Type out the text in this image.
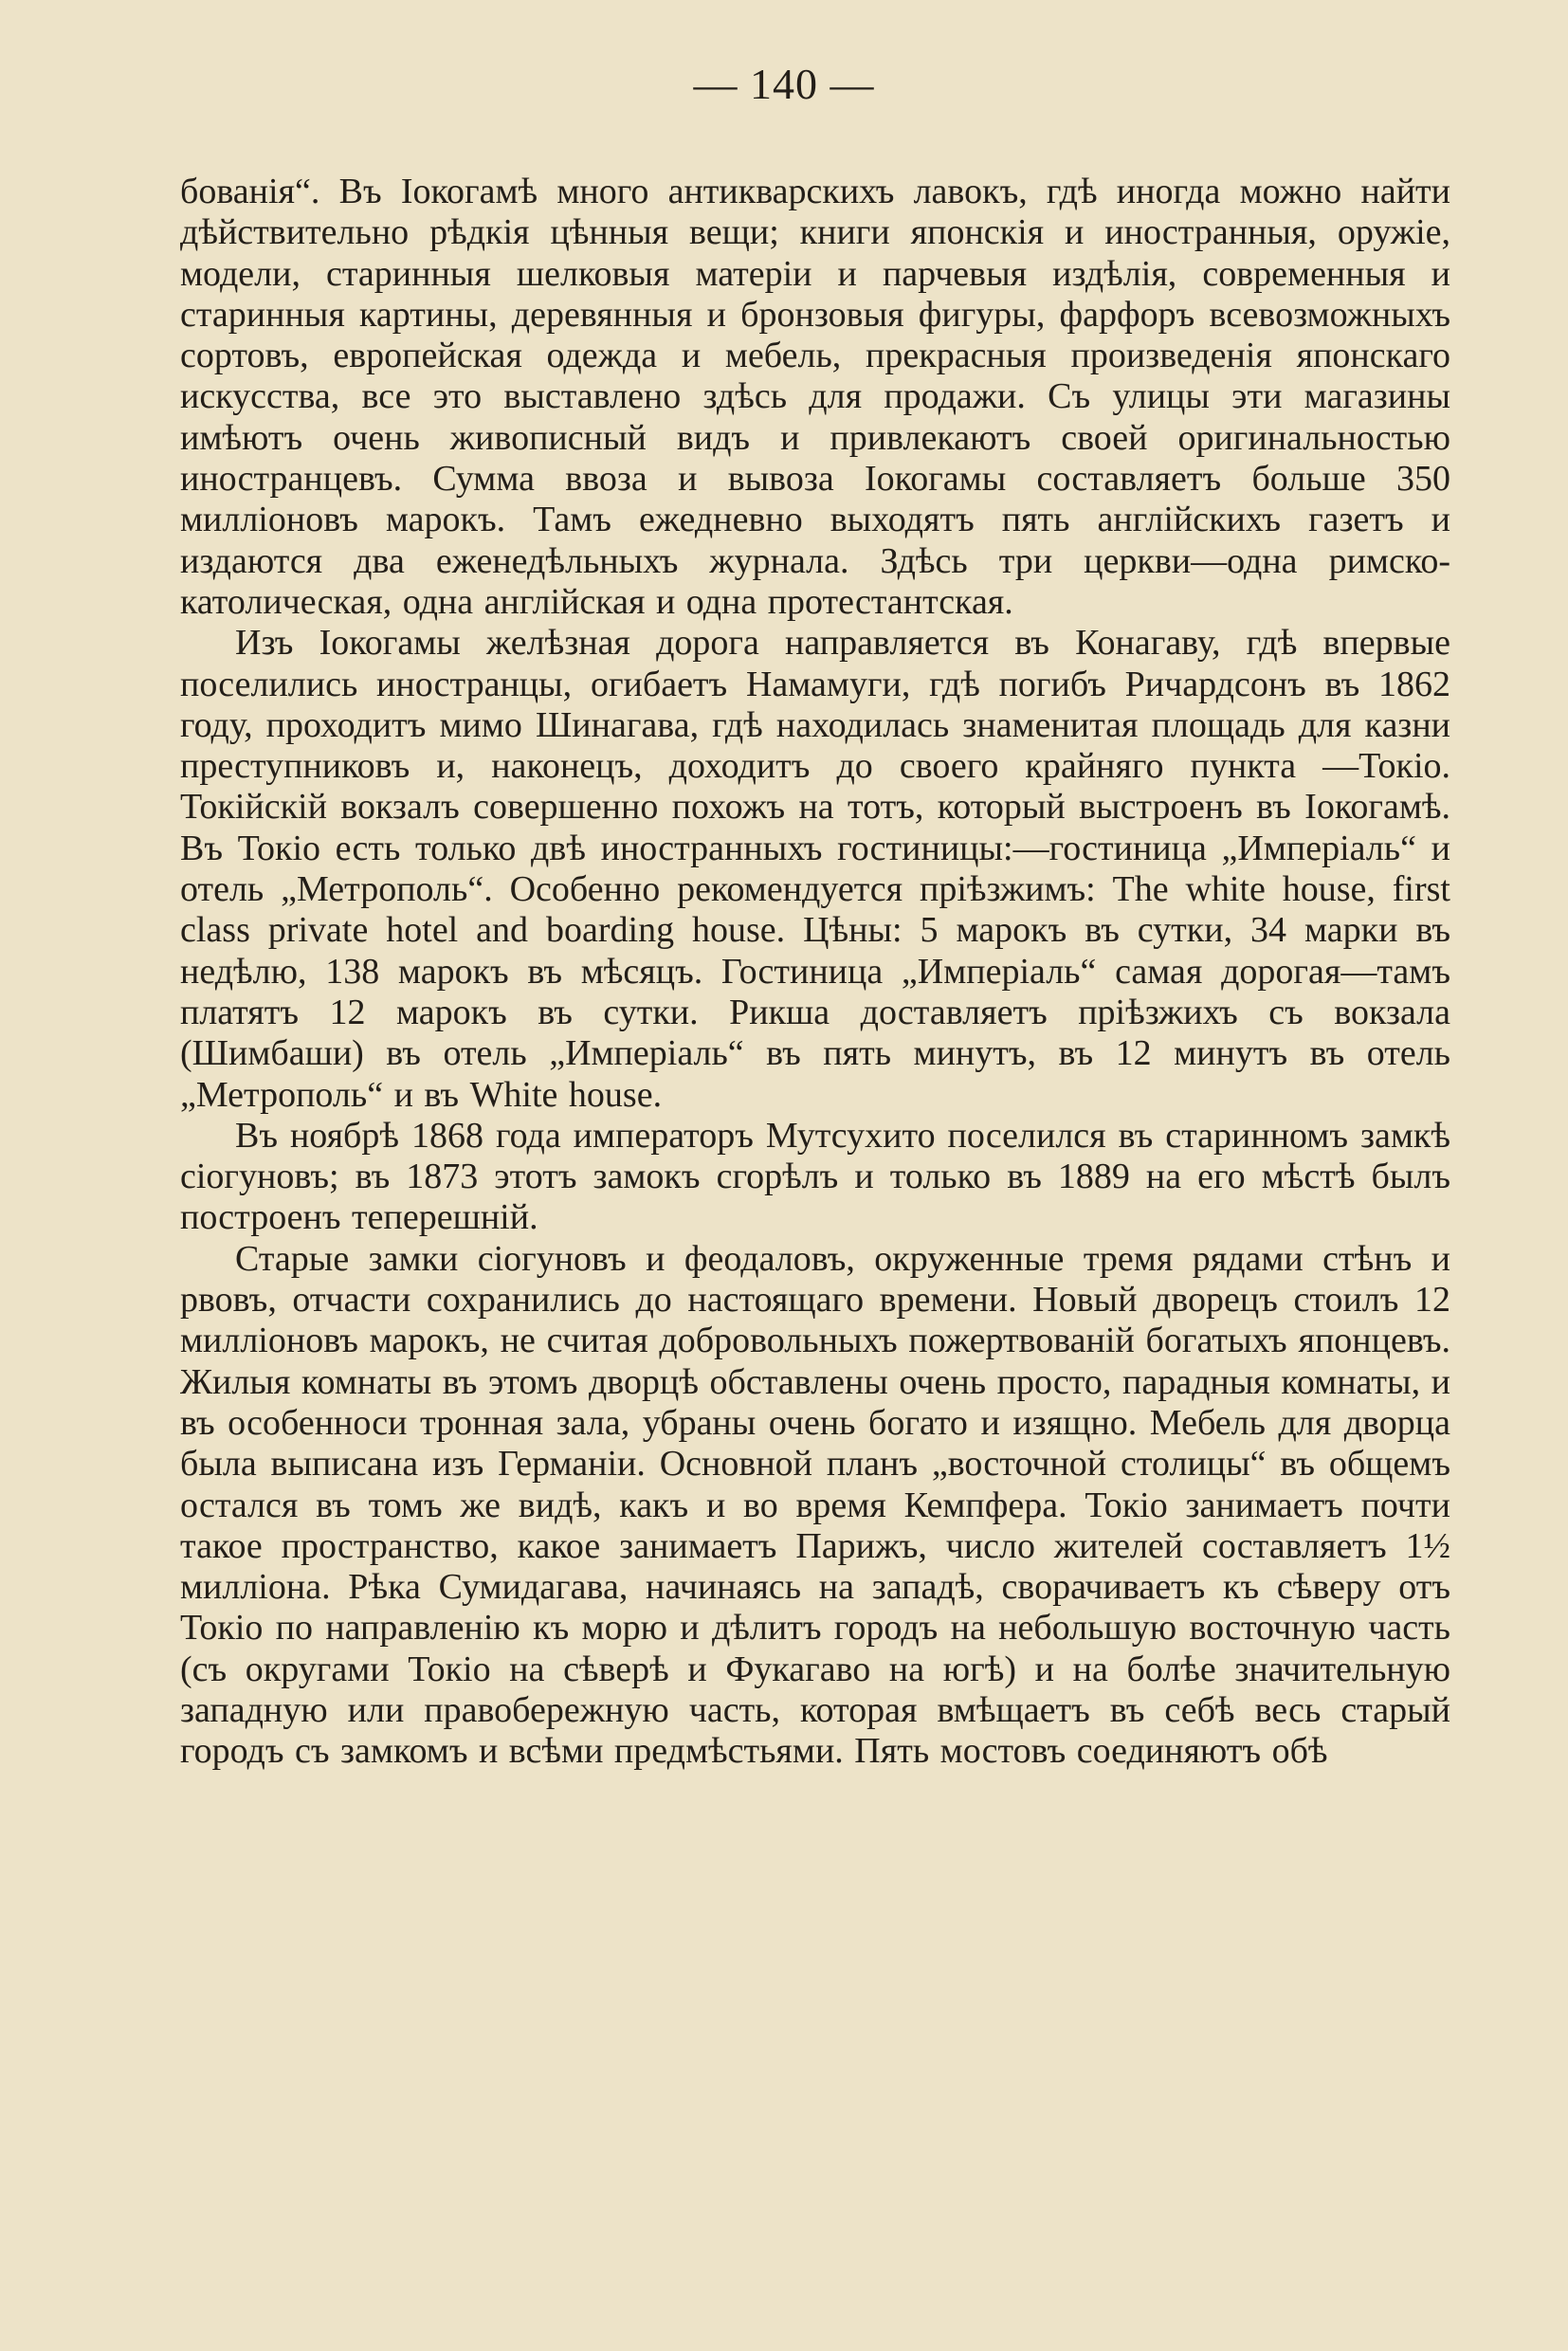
— 140 —

бованія“. Въ Іокогамѣ много антикварскихъ лавокъ, гдѣ иногда можно найти дѣйствительно рѣдкія цѣнныя вещи; книги японскія и иностранныя, оружіе, модели, старинныя шелковыя матеріи и парчевыя издѣлія, современныя и старинныя картины, деревянныя и бронзовыя фигуры, фарфоръ всевозможныхъ сортовъ, европейская одежда и мебель, прекрасныя произведенія японскаго искусства, все это выставлено здѣсь для продажи. Съ улицы эти магазины имѣютъ очень живописный видъ и привлекаютъ своей оригинальностью иностранцевъ. Сумма ввоза и вывоза Іокогамы составляетъ больше 350 милліоновъ марокъ. Тамъ ежедневно выходятъ пять англійскихъ газетъ и издаются два еженедѣльныхъ журнала. Здѣсь три церкви—одна римско-католическая, одна англійская и одна протестантская.

Изъ Іокогамы желѣзная дорога направляется въ Конагаву, гдѣ впервые поселились иностранцы, огибаетъ Намамуги, гдѣ погибъ Ричардсонъ въ 1862 году, проходитъ мимо Шинагава, гдѣ находилась знаменитая площадь для казни преступниковъ и, наконецъ, доходитъ до своего крайняго пункта —Токіо. Токійскій вокзалъ совершенно похожъ на тотъ, который выстроенъ въ Іокогамѣ. Въ Токіо есть только двѣ иностранныхъ гостиницы:—гостиница „Имперіаль“ и отель „Метрополь“. Особенно рекомендуется пріѣзжимъ: The white house, first class private hotel and boarding house. Цѣны: 5 марокъ въ сутки, 34 марки въ недѣлю, 138 марокъ въ мѣсяцъ. Гостиница „Имперіаль“ самая дорогая—тамъ платятъ 12 марокъ въ сутки. Рикша доставляетъ пріѣзжихъ съ вокзала (Шимбаши) въ отель „Имперіаль“ въ пять минутъ, въ 12 минутъ въ отель „Метрополь“ и въ White house.

Въ ноябрѣ 1868 года императоръ Мутсухито поселился въ старинномъ замкѣ сіогуновъ; въ 1873 этотъ замокъ сгорѣлъ и только въ 1889 на его мѣстѣ былъ построенъ теперешній.

Старые замки сіогуновъ и феодаловъ, окруженные тремя рядами стѣнъ и рвовъ, отчасти сохранились до настоящаго времени. Новый дворецъ стоилъ 12 милліоновъ марокъ, не считая добровольныхъ пожертвованій богатыхъ японцевъ. Жилыя комнаты въ этомъ дворцѣ обставлены очень просто, парадныя комнаты, и въ особенноси тронная зала, убраны очень богато и изящно. Мебель для дворца была выписана изъ Германіи. Основной планъ „восточной столицы“ въ общемъ остался въ томъ же видѣ, какъ и во время Кемпфера. Токіо занимаетъ почти такое пространство, какое занимаетъ Парижъ, число жителей составляетъ 1½ милліона. Рѣка Сумидагава, начинаясь на западѣ, сворачиваетъ къ сѣверу отъ Токіо по направленію къ морю и дѣлитъ городъ на небольшую восточную часть (съ округами Токіо на сѣверѣ и Фукагаво на югѣ) и на болѣе значительную западную или правобережную часть, которая вмѣщаетъ въ себѣ весь старый городъ съ замкомъ и всѣми предмѣстьями. Пять мостовъ соединяютъ обѣ
